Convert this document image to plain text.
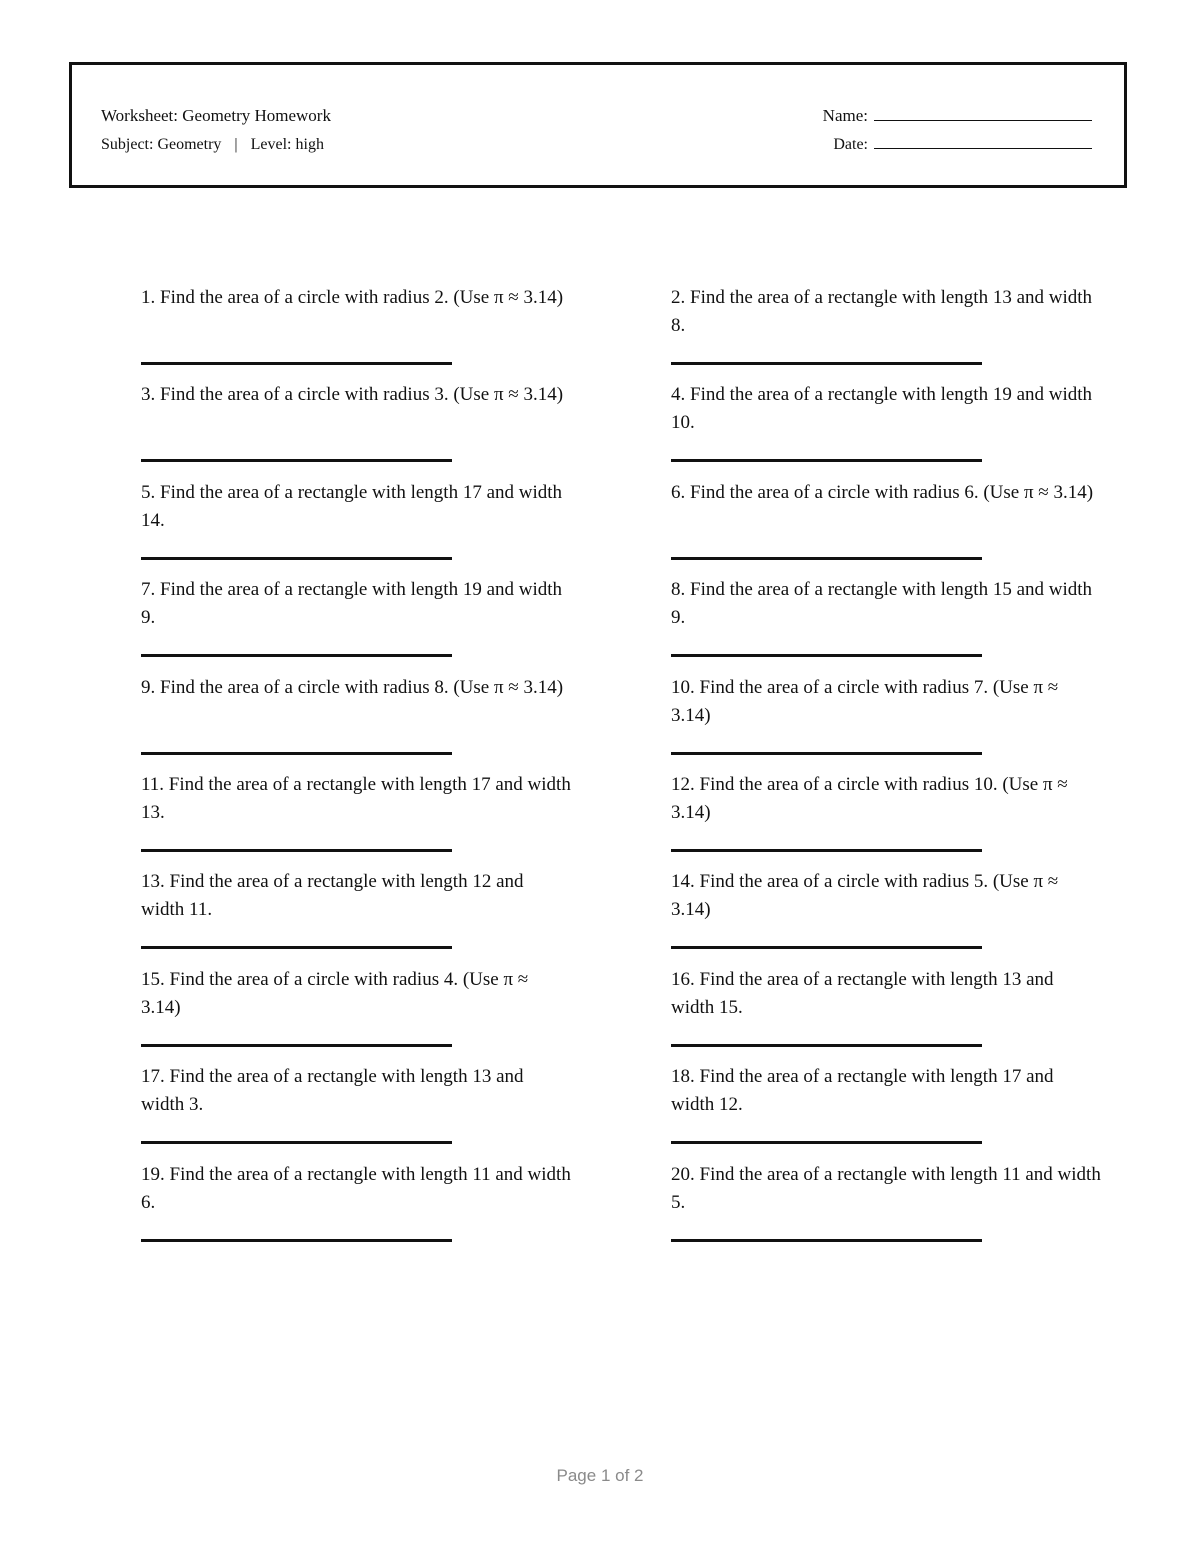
Worksheet: Geometry Homework
Subject: Geometry | Level: high
Name:
Date:

1. Find the area of a circle with radius 2. (Use π ≈ 3.14)	2. Find the area of a rectangle with length 13 and width 8.

3. Find the area of a circle with radius 3. (Use π ≈ 3.14)	4. Find the area of a rectangle with length 19 and width 10.

5. Find the area of a rectangle with length 17 and width 14.

6. Find the area of a circle with radius 6. (Use π ≈ 3.14)

7. Find the area of a rectangle with length 19 and width 9.

8. Find the area of a rectangle with length 15 and width 9.

9. Find the area of a circle with radius 8. (Use π ≈ 3.14)	10. Find the area of a circle with radius 7. (Use π ≈ 3.14)

11. Find the area of a rectangle with length 17 and width 13.

12. Find the area of a circle with radius 10. (Use π ≈ 3.14)

13. Find the area of a rectangle with length 12 and width 11.

14. Find the area of a circle with radius 5. (Use π ≈ 3.14)

15. Find the area of a circle with radius 4. (Use π ≈ 3.14)

16. Find the area of a rectangle with length 13 and width 15.

17. Find the area of a rectangle with length 13 and width 3.

18. Find the area of a rectangle with length 17 and width 12.

19. Find the area of a rectangle with length 11 and width 6.

20. Find the area of a rectangle with length 11 and width 5.

Page 1 of 2
